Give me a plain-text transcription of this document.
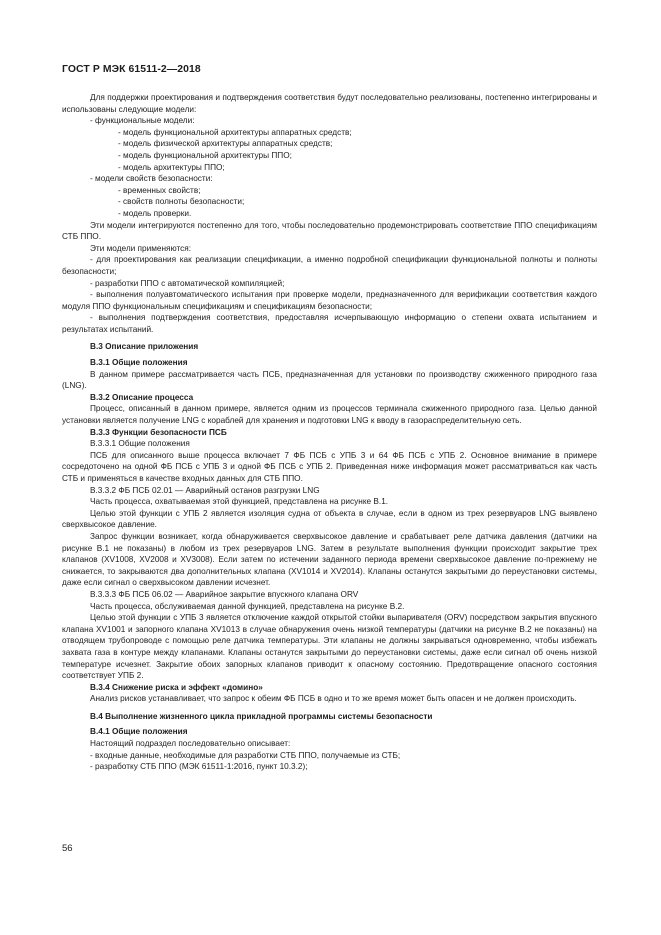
ГОСТ Р МЭК 61511-2—2018

Для поддержки проектирования и подтверждения соответствия будут последовательно реализованы, постепенно интегрированы и использованы следующие модели:

- функциональные модели:

- модель функциональной архитектуры аппаратных средств;

- модель физической архитектуры аппаратных средств;

- модель функциональной архитектуры ППО;

- модель архитектуры ППО;

- модели свойств безопасности:

- временных свойств;

- свойств полноты безопасности;

- модель проверки.

Эти модели интегрируются постепенно для того, чтобы последовательно продемонстрировать соответствие ППО спецификациям СТБ ППО.

Эти модели применяются:

- для проектирования как реализации спецификации, а именно подробной спецификации функциональной полноты и полноты безопасности;

- разработки ППО с автоматической компиляцией;

- выполнения полуавтоматического испытания при проверке модели, предназначенного для верификации соответствия каждого модуля ППО функциональным спецификациям и спецификациям безопасности;

- выполнения подтверждения соответствия, предоставляя исчерпывающую информацию о степени охвата испытанием и результатах испытаний.

В.3 Описание приложения

В.3.1 Общие положения

В данном примере рассматривается часть ПСБ, предназначенная для установки по производству сжиженного природного газа (LNG).

В.3.2 Описание процесса

Процесс, описанный в данном примере, является одним из процессов терминала сжиженного природного газа. Целью данной установки является получение LNG с кораблей для хранения и подготовки LNG к вводу в газораспределительную сеть.

В.3.3 Функции безопасности ПСБ

В.3.3.1 Общие положения

ПСБ для описанного выше процесса включает 7 ФБ ПСБ с УПБ 3 и 64 ФБ ПСБ с УПБ 2. Основное внимание в примере сосредоточено на одной ФБ ПСБ с УПБ 3 и одной ФБ ПСБ с УПБ 2. Приведенная ниже информация может рассматриваться как часть СТБ и применяться в качестве входных данных для СТБ ППО.

В.3.3.2 ФБ ПСБ 02.01 — Аварийный останов разгрузки LNG

Часть процесса, охватываемая этой функцией, представлена на рисунке В.1.

Целью этой функции с УПБ 2 является изоляция судна от объекта в случае, если в одном из трех резервуаров LNG выявлено сверхвысокое давление.

Запрос функции возникает, когда обнаруживается сверхвысокое давление и срабатывает реле датчика давления (датчики на рисунке В.1 не показаны) в любом из трех резервуаров LNG. Затем в результате выполнения функции происходит закрытие трех клапанов (XV1008, XV2008 и XV3008). Если затем по истечении заданного периода времени сверхвысокое давление по-прежнему не снижается, то закрываются два дополнительных клапана (XV1014 и XV2014). Клапаны останутся закрытыми до переустановки системы, даже если сигнал о сверхвысоком давлении исчезнет.

В.3.3.3 ФБ ПСБ 06.02 — Аварийное закрытие впускного клапана ORV

Часть процесса, обслуживаемая данной функцией, представлена на рисунке В.2.

Целью этой функции с УПБ 3 является отключение каждой открытой стойки выпаривателя (ORV) посредством закрытия впускного клапана XV1001 и запорного клапана XV1013 в случае обнаружения очень низкой температуры (датчики на рисунке В.2 не показаны) на отводящем трубопроводе с помощью реле датчика температуры. Эти клапаны не должны закрываться одновременно, чтобы избежать захвата газа в контуре между клапанами. Клапаны останутся закрытыми до переустановки системы, даже если сигнал об очень низкой температуре исчезнет. Закрытие обоих запорных клапанов приводит к опасному состоянию. Предотвращение опасного состояния соответствует УПБ 2.

В.3.4 Снижение риска и эффект «домино»

Анализ рисков устанавливает, что запрос к обеим ФБ ПСБ в одно и то же время может быть опасен и не должен происходить.

В.4 Выполнение жизненного цикла прикладной программы системы безопасности

В.4.1 Общие положения

Настоящий подраздел последовательно описывает:

- входные данные, необходимые для разработки СТБ ППО, получаемые из СТБ;

- разработку СТБ ППО (МЭК 61511-1:2016, пункт 10.3.2);

56
